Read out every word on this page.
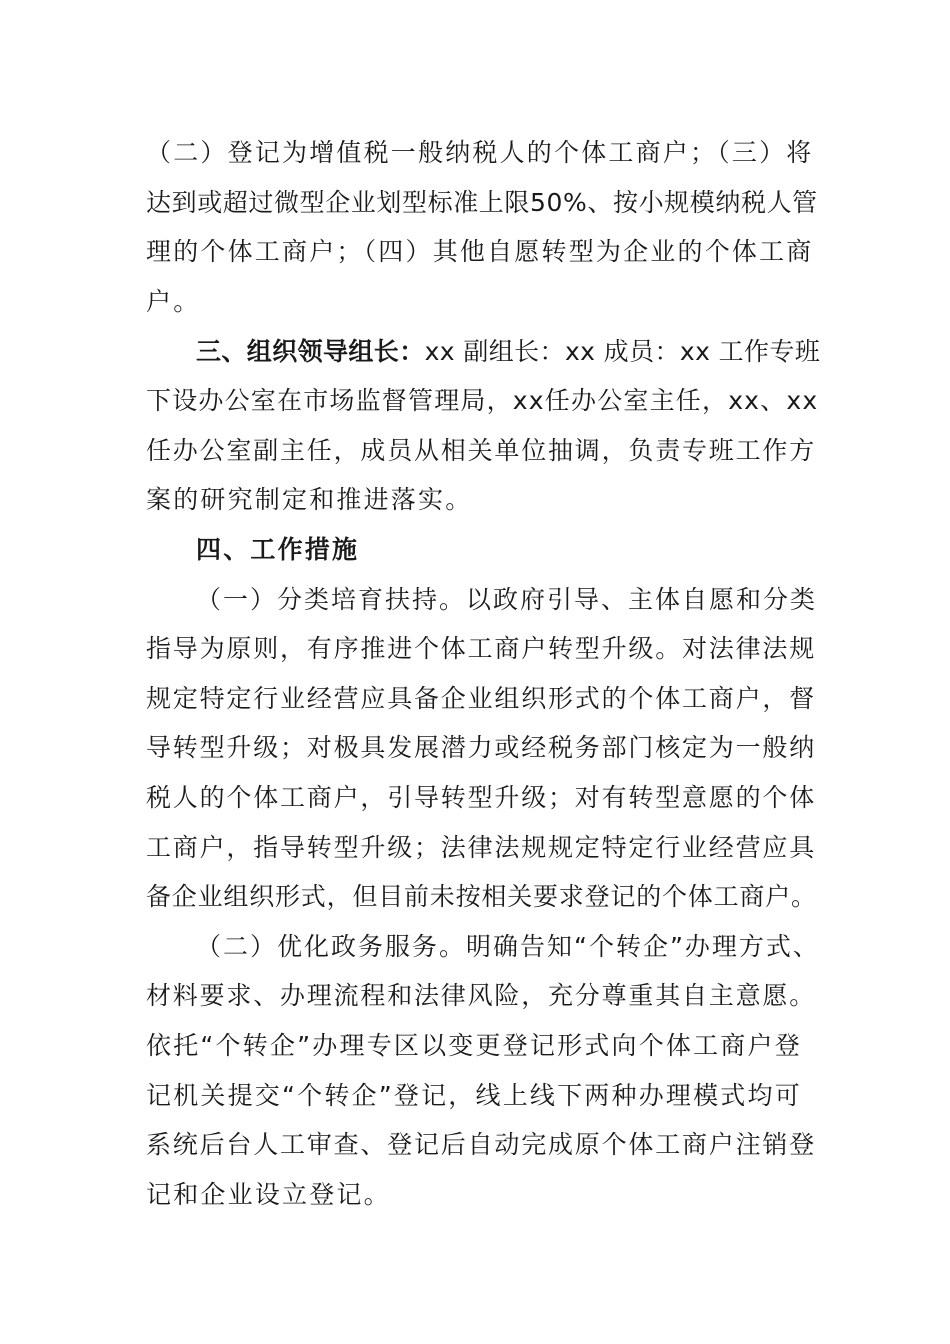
（二）登记为增值税一般纳税人的个体工商户；（三）将
达到或超过微型企业划型标准上限50%、按小规模纳税人管
理的个体工商户；（四）其他自愿转型为企业的个体工商
户。
三、组织领导组长：xx 副组长：xx 成员：xx 工作专班
下设办公室在市场监督管理局，xx任办公室主任，xx、xx
任办公室副主任，成员从相关单位抽调，负责专班工作方
案的研究制定和推进落实。
四、工作措施
（一）分类培育扶持。以政府引导、主体自愿和分类
指导为原则，有序推进个体工商户转型升级。对法律法规
规定特定行业经营应具备企业组织形式的个体工商户，督
导转型升级；对极具发展潜力或经税务部门核定为一般纳
税人的个体工商户，引导转型升级；对有转型意愿的个体
工商户，指导转型升级；法律法规规定特定行业经营应具
备企业组织形式，但目前未按相关要求登记的个体工商户。
（二）优化政务服务。明确告知“个转企”办理方式、
材料要求、办理流程和法律风险，充分尊重其自主意愿。
依托“个转企”办理专区以变更登记形式向个体工商户登
记机关提交“个转企”登记，线上线下两种办理模式均可
系统后台人工审查、登记后自动完成原个体工商户注销登
记和企业设立登记。
